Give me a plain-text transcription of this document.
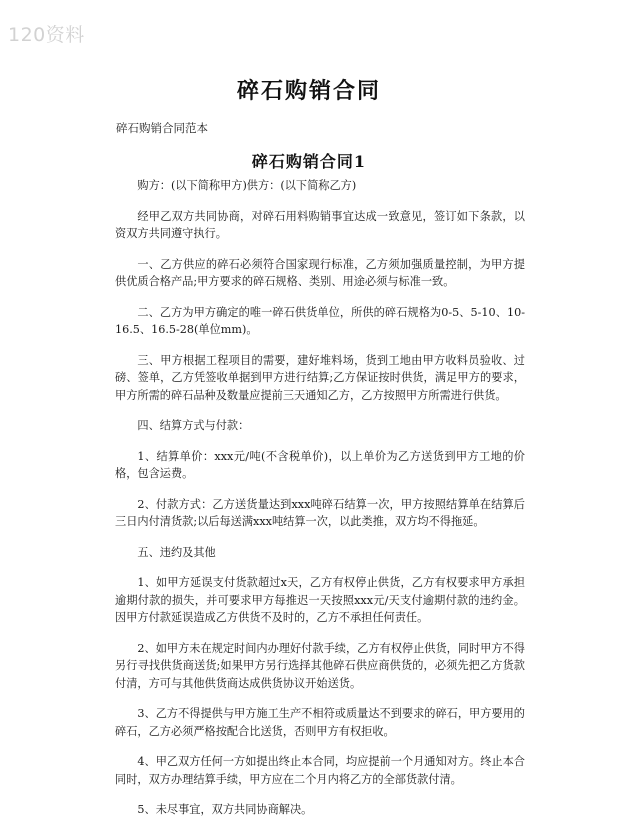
120资料
碎石购销合同
碎石购销合同范本
碎石购销合同1

购方：(以下简称甲方)供方：(以下简称乙方)

经甲乙双方共同协商，对碎石用料购销事宜达成一致意见，签订如下条款，以资双方共同遵守执行。

一、乙方供应的碎石必须符合国家现行标准，乙方须加强质量控制，为甲方提供优质合格产品;甲方要求的碎石规格、类别、用途必须与标准一致。

二、乙方为甲方确定的唯一碎石供货单位，所供的碎石规格为0-5、5-10、10-16.5、16.5-28(单位mm)。

三、甲方根据工程项目的需要，建好堆料场，货到工地由甲方收料员验收、过磅、签单，乙方凭签收单据到甲方进行结算;乙方保证按时供货，满足甲方的要求，甲方所需的碎石品种及数量应提前三天通知乙方，乙方按照甲方所需进行供货。

四、结算方式与付款：

1、结算单价：xxx元/吨(不含税单价)，以上单价为乙方送货到甲方工地的价格，包含运费。

2、付款方式：乙方送货量达到xxx吨碎石结算一次，甲方按照结算单在结算后三日内付清货款;以后每送满xxx吨结算一次，以此类推，双方均不得拖延。

五、违约及其他

1、如甲方延误支付货款超过x天，乙方有权停止供货，乙方有权要求甲方承担逾期付款的损失，并可要求甲方每推迟一天按照xxx元/天支付逾期付款的违约金。因甲方付款延误造成乙方供货不及时的，乙方不承担任何责任。

2、如甲方未在规定时间内办理好付款手续，乙方有权停止供货，同时甲方不得另行寻找供货商送货;如果甲方另行选择其他碎石供应商供货的，必须先把乙方货款付清，方可与其他供货商达成供货协议开始送货。

3、乙方不得提供与甲方施工生产不相符或质量达不到要求的碎石，甲方要用的碎石，乙方必须严格按配合比送货，否则甲方有权拒收。

4、甲乙双方任何一方如提出终止本合同，均应提前一个月通知对方。终止本合同时，双方办理结算手续，甲方应在二个月内将乙方的全部货款付清。

5、未尽事宜，双方共同协商解决。
